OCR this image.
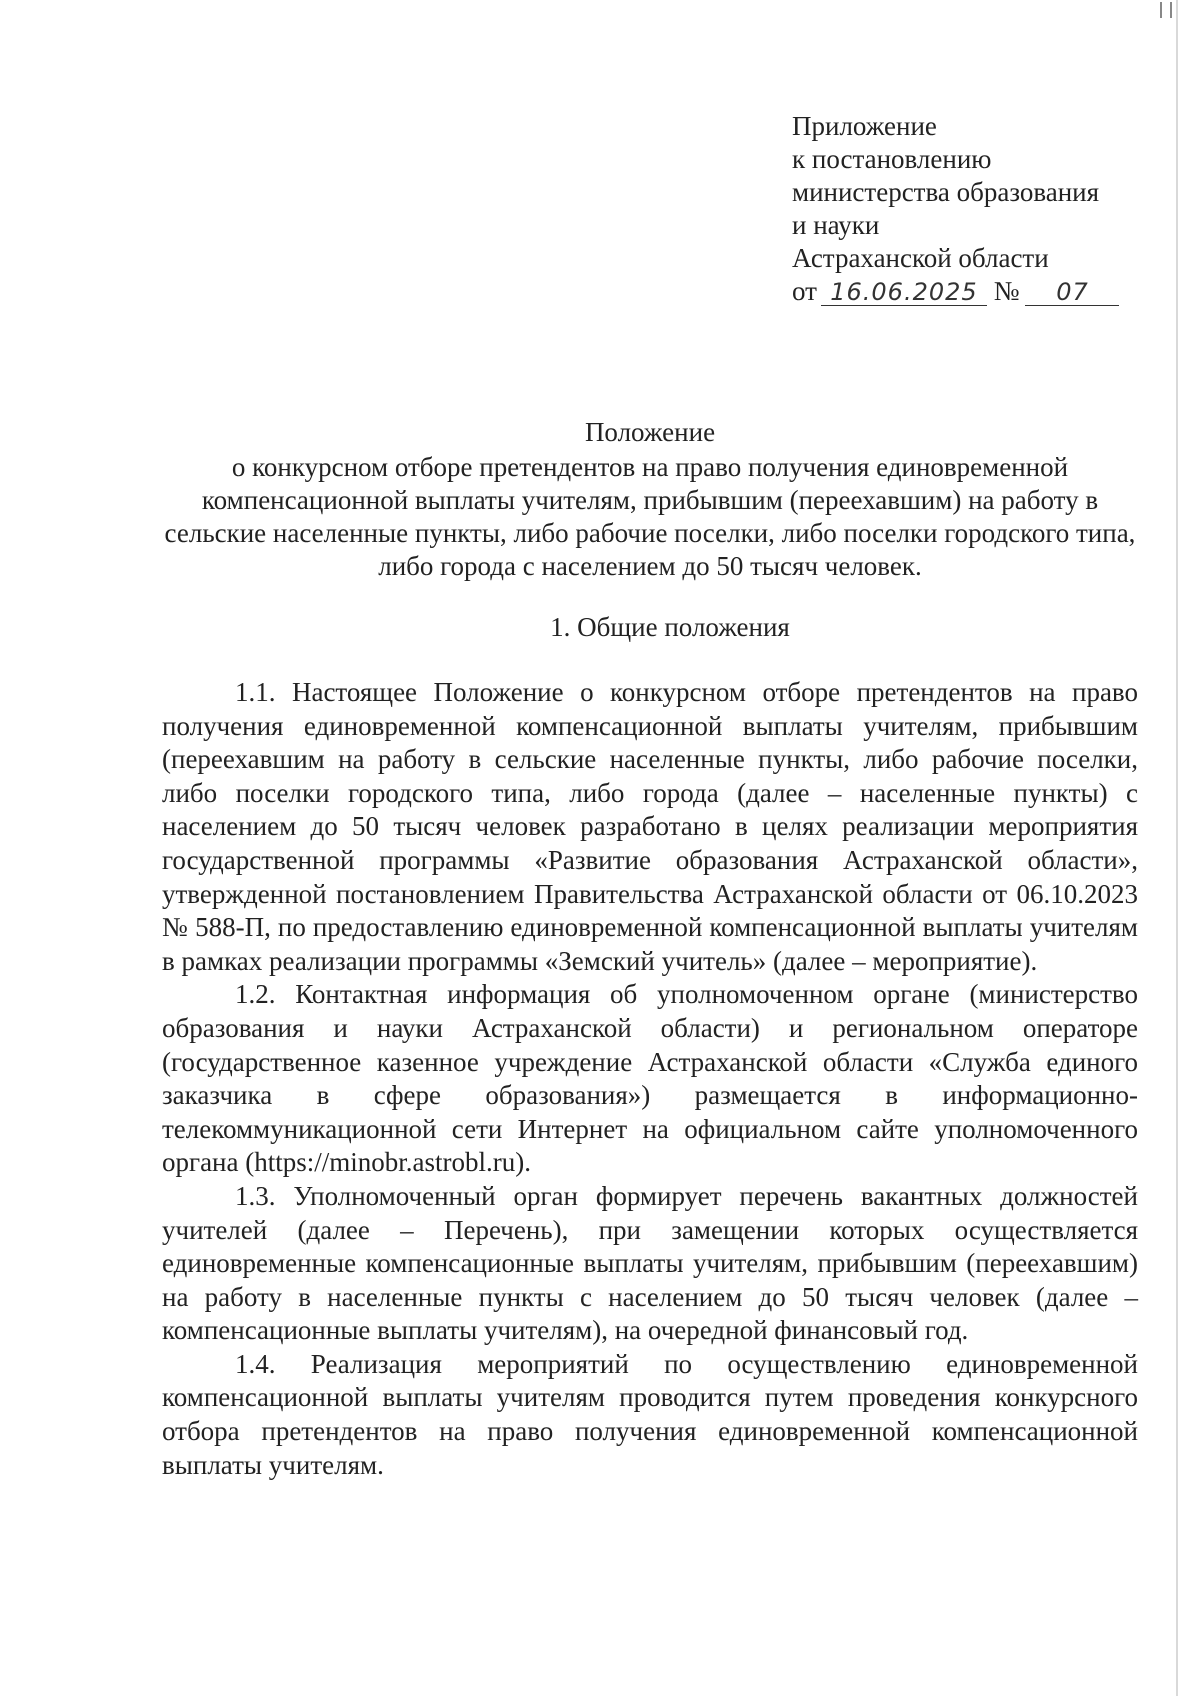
Приложение
к постановлению
министерства образования
и науки
Астраханской области
от 16.06.2025 № 07
Положение
о конкурсном отборе претендентов на право получения единовременной компенсационной выплаты учителям, прибывшим (переехавшим) на работу в сельские населенные пункты, либо рабочие поселки, либо поселки городского типа, либо города с населением до 50 тысяч человек.
1. Общие положения

1.1. Настоящее Положение о конкурсном отборе претендентов на право получения единовременной компенсационной выплаты учителям, прибывшим (переехавшим на работу в сельские населенные пункты, либо рабочие поселки, либо поселки городского типа, либо города (далее – населенные пункты) с населением до 50 тысяч человек разработано в целях реализации мероприятия государственной программы «Развитие образования Астраханской области», утвержденной постановлением Правительства Астраханской области от 06.10.2023 № 588-П, по предоставлению единовременной компенсационной выплаты учителям в рамках реализации программы «Земский учитель» (далее – мероприятие).

1.2. Контактная информация об уполномоченном органе (министерство образования и науки Астраханской области) и региональном операторе (государственное казенное учреждение Астраханской области «Служба единого заказчика в сфере образования») размещается в информационно-телекоммуникационной сети Интернет на официальном сайте уполномоченного органа (https://minobr.astrobl.ru).

1.3. Уполномоченный орган формирует перечень вакантных должностей учителей (далее – Перечень), при замещении которых осуществляется единовременные компенсационные выплаты учителям, прибывшим (переехавшим) на работу в населенные пункты с населением до 50 тысяч человек (далее – компенсационные выплаты учителям), на очередной финансовый год.

1.4. Реализация мероприятий по осуществлению единовременной компенсационной выплаты учителям проводится путем проведения конкурсного отбора претендентов на право получения единовременной компенсационной выплаты учителям.
